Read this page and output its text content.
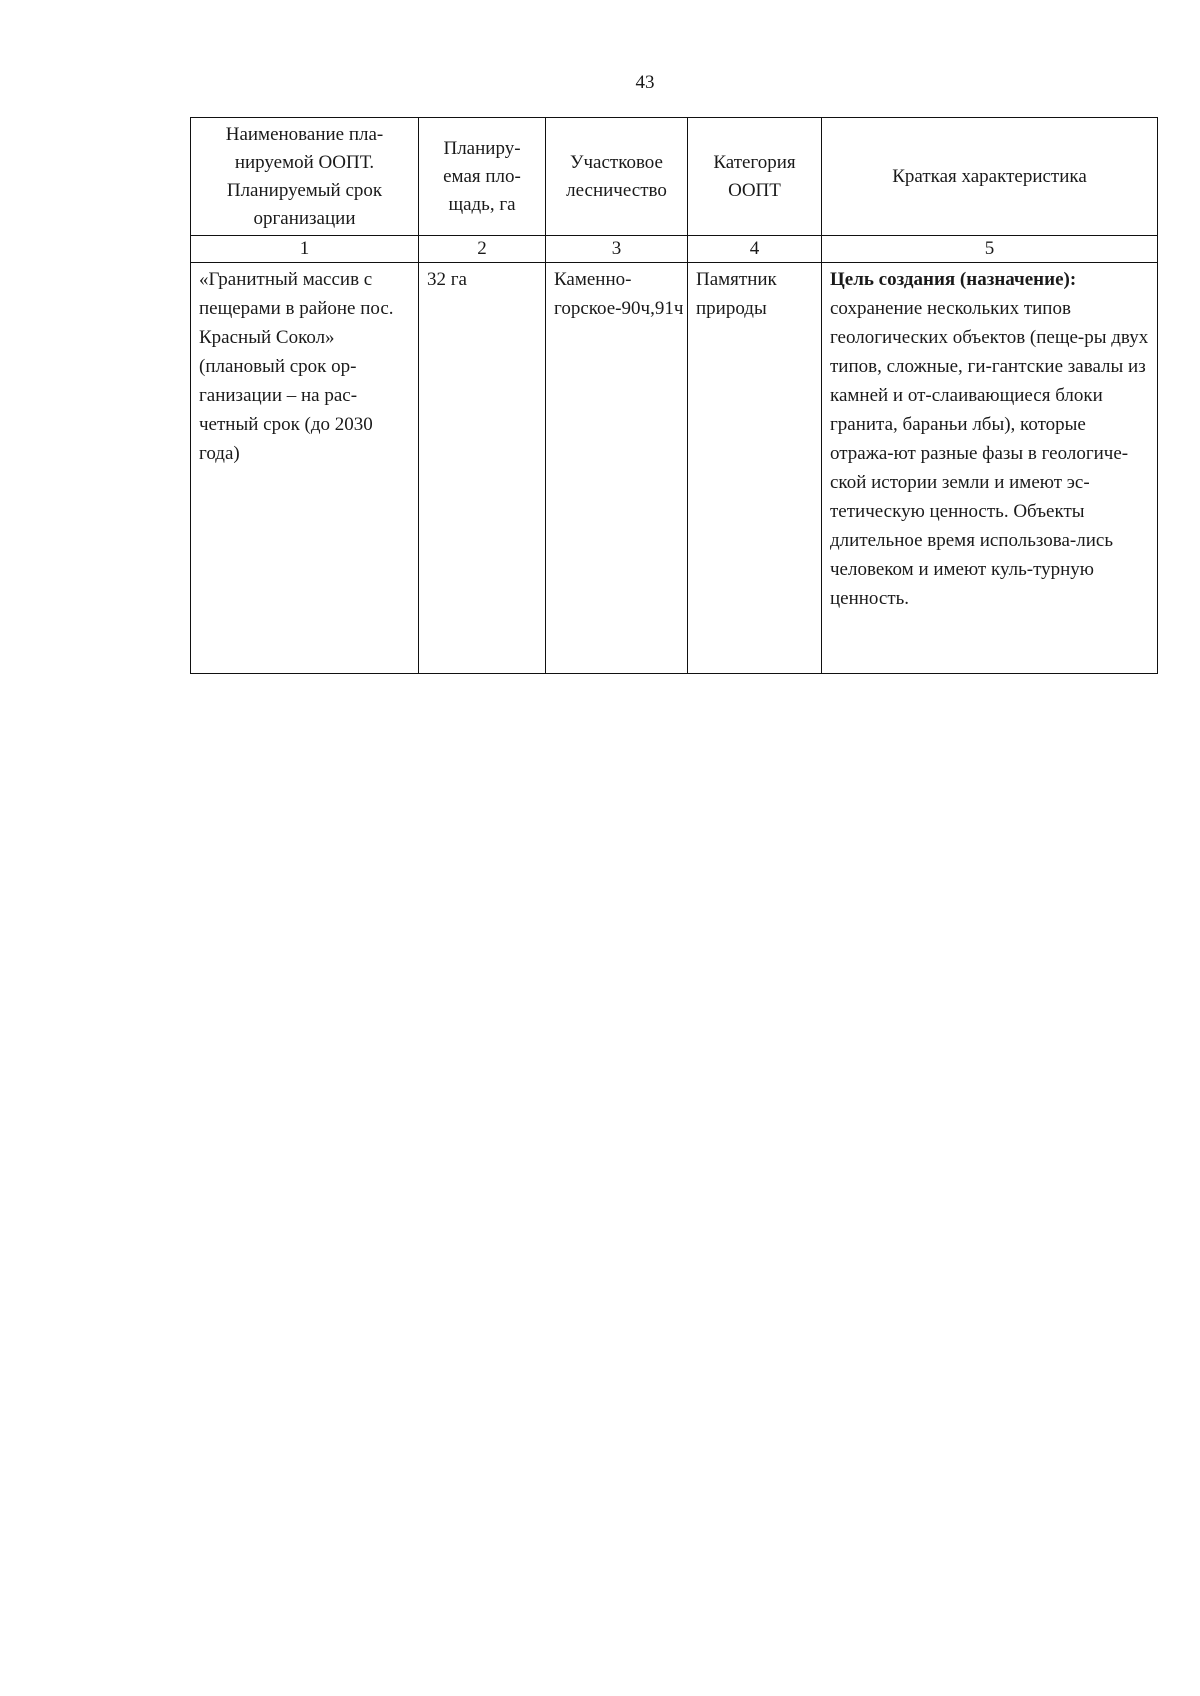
43
Наименование пла-нируемой ООПТ. Планируемый срок организации	Планиру-емая пло-щадь, га	Участковое лесничество	Категория ООПТ	Краткая характеристика
1	2	3	4	5
«Гранитный массив с пещерами в районе пос. Красный Сокол» (плановый срок ор-ганизации – на рас-четный срок (до 2030 года)	32 га	Каменно-горское-90ч,91ч	Памятник природы	Цель создания (назначение): сохранение нескольких типов геологических объектов (пеще-ры двух типов, сложные, ги-гантские завалы из камней и от-слаивающиеся блоки гранита, бараньи лбы), которые отража-ют разные фазы в геологиче-ской истории земли и имеют эс-тетическую ценность. Объекты длительное время использова-лись человеком и имеют куль-турную ценность.
